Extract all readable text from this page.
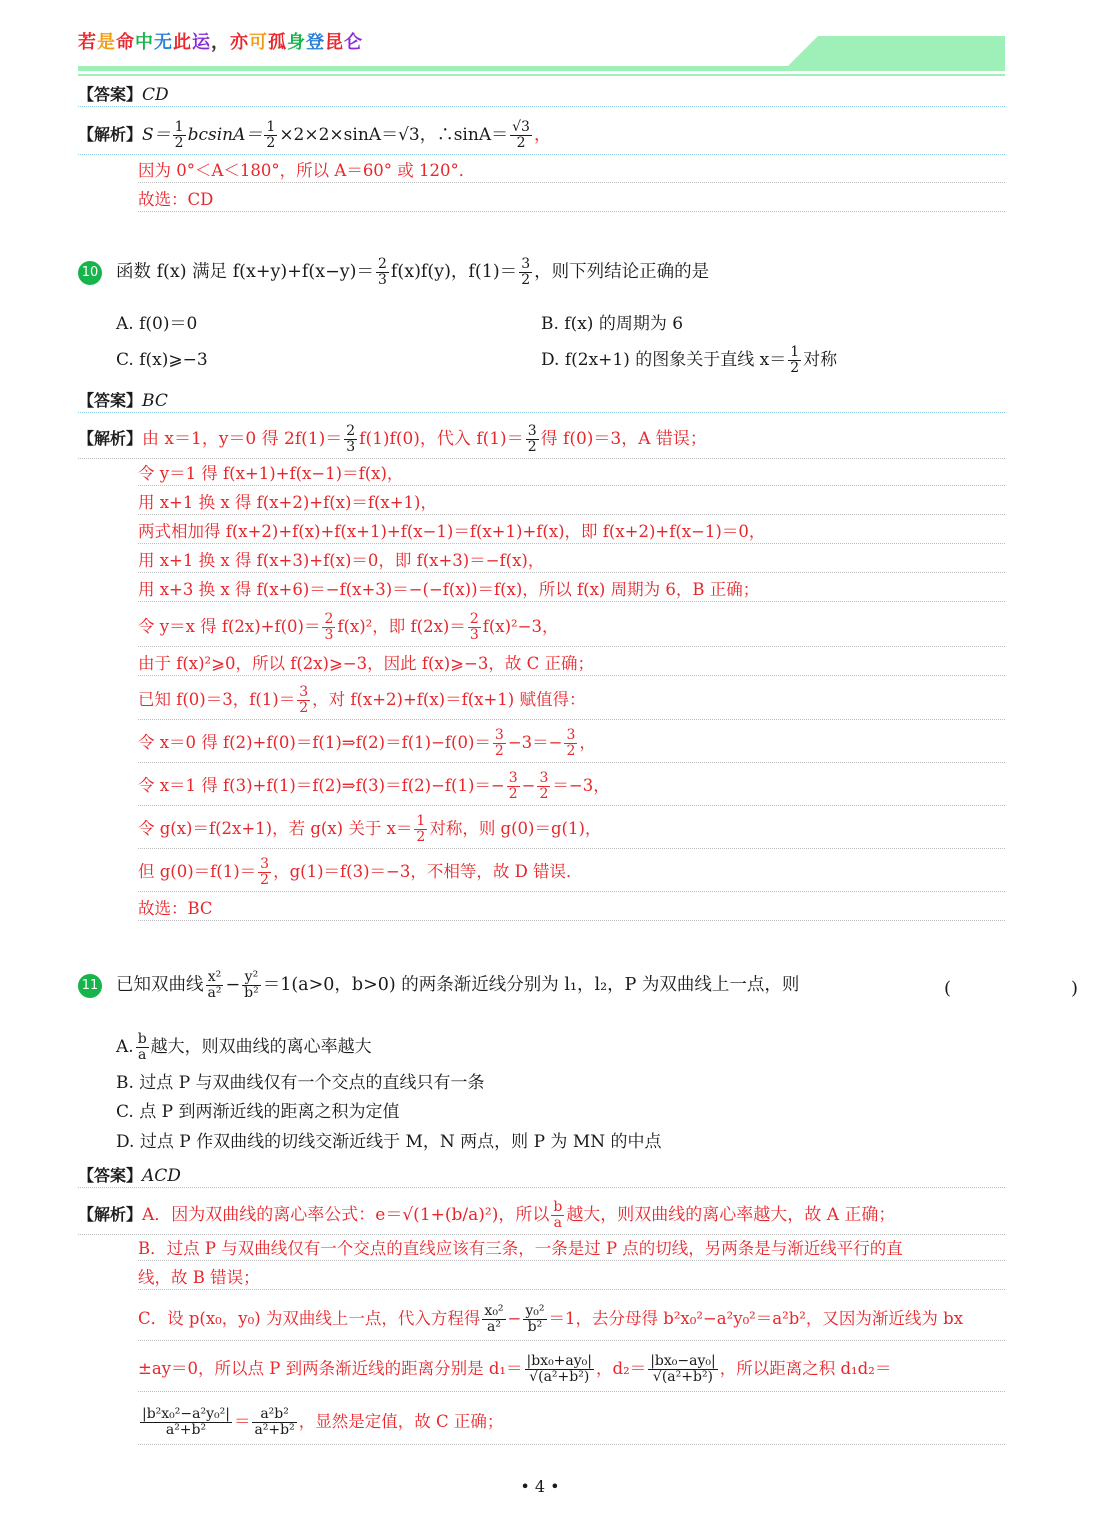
若是命中无此运，亦可孤身登昆仑
【答案】CD
【解析】$S= \frac{1}{2} bcsinA= \frac{1}{2} \times 2\times 2\times\sin A=√3$，∴sinA＝ $\frac{√3}{2}$ ，
因为 0°＜A＜180°，所以 A＝60° 或 120°．
故选：CD
10 函数 f(x) 满足 $f(x+y)+f(x-y)= \frac{2}{3} f(x)f(y)$，$f(1)= \frac{3}{2}$ ，则下列结论正确的是
A. f(0)＝0	B. f(x) 的周期为 6
C. f(x)⩾−3	D. f(2x+1) 的图象关于直线 $x= \frac{1}{2}$ 对称
【答案】BC
【解析】由 x＝1，y＝0 得 $2f(1)= \frac{2}{3} f(1)f(0)$，代入 $f(1)= \frac{3}{2}$ 得 f(0)＝3，A 错误；
令 y＝1 得 f(x+1)+f(x−1)＝f(x)，
用 x+1 换 x 得 f(x+2)+f(x)＝f(x+1)，
两式相加得 f(x+2)+f(x)+f(x+1)+f(x−1)＝f(x+1)+f(x)，即 f(x+2)+f(x−1)＝0，
用 x+1 换 x 得 f(x+3)+f(x)＝0，即 f(x+3)＝−f(x)，
用 x+3 换 x 得 f(x+6)＝−f(x+3)＝−(−f(x))＝f(x)，所以 f(x) 周期为 6，B 正确；
令 y＝x 得 $f(2x)+f(0)= \frac{2}{3} f(x)^2$，即 $f(2x)= \frac{2}{3} f(x)^2-3$，
由于 f(x)²⩾0，所以 f(2x)⩾−3，因此 f(x)⩾−3，故 C 正确；
已知 f(0)＝3，$f(1)= \frac{3}{2}$ ，对 f(x+2)+f(x)＝f(x+1) 赋值得：
令 x＝0 得 f(2)+f(0)＝f(1)⇒f(2)＝f(1)−f(0)＝ $\frac{3}{2} -3=- \frac{3}{2}$ ，
令 x＝1 得 f(3)+f(1)＝f(2)⇒f(3)＝f(2)−f(1)＝− $\frac{3}{2} - \frac{3}{2} =-3$，
令 g(x)＝f(2x+1)，若 g(x) 关于 $x= \frac{1}{2}$ 对称，则 g(0)＝g(1)，
但 $g(0)=f(1)= \frac{3}{2}$ ，g(1)＝f(3)＝−3，不相等，故 D 错误．
故选：BC
11 已知双曲线 $\frac{\text{x²}}{\text{a²}} - \frac{\text{y²}}{\text{b²}} =1(a>0$，b>0) 的两条渐近线分别为 l₁，l₂，P 为双曲线上一点，则	(　　)
A. $\frac{b}{a}$ 越大，则双曲线的离心率越大
B. 过点 P 与双曲线仅有一个交点的直线只有一条
C. 点 P 到两渐近线的距离之积为定值
D. 过点 P 作双曲线的切线交渐近线于 M，N 两点，则 P 为 MN 的中点
【答案】ACD
【解析】A．因为双曲线的离心率公式：e＝√(1+(b/a)²)，所以 $\frac{b}{a}$ 越大，则双曲线的离心率越大，故 A 正确；
B．过点 P 与双曲线仅有一个交点的直线应该有三条，一条是过 P 点的切线，另两条是与渐近线平行的直
线，故 B 错误；
C．设 p(x₀，y₀) 为双曲线上一点，代入方程得 $\frac{\text{x₀²}}{\text{a²}} - \frac{\text{y₀²}}{\text{b²}} =1$，去分母得 b²x₀²−a²y₀²＝a²b²，又因为渐近线为 bx
±ay＝0，所以点 P 到两条渐近线的距离分别是 $d_1= \frac{\text{|bx₀+ay₀|}}{\text{√(a²+b²)}}$ ，$d_2= \frac{\text{|bx₀−ay₀|}}{\text{√(a²+b²)}}$ ，所以距离之积 d₁d₂＝
$\frac{\text{|b²x₀²−a²y₀²|}}{\text{a²+b²}} = \frac{\text{a²b²}}{\text{a²+b²}}$ ，显然是定值，故 C 正确；
• 4 •
